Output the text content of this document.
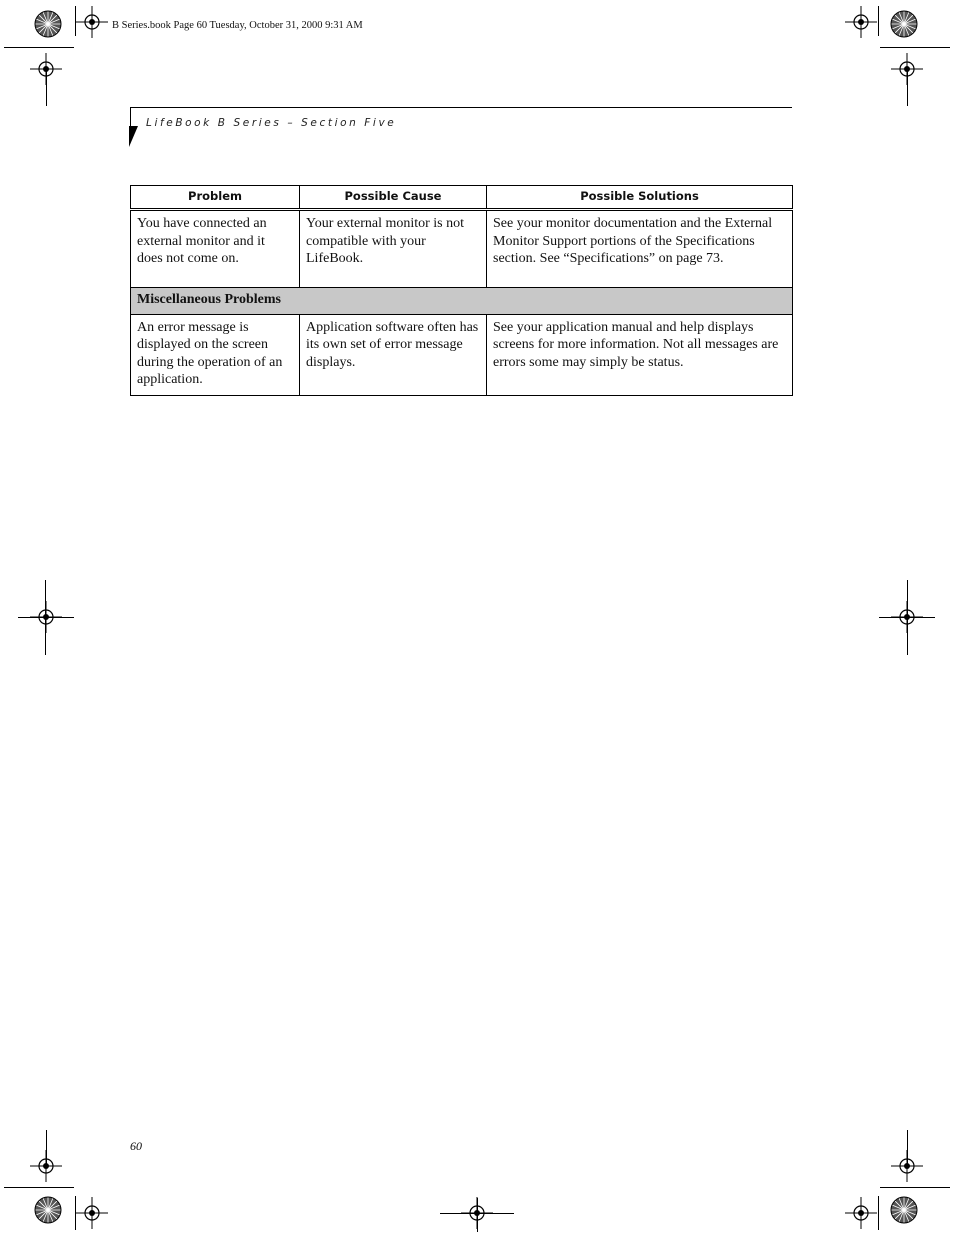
B Series.book Page 60 Tuesday, October 31, 2000 9:31 AM
LifeBook B Series – Section Five
Problem	Possible Cause	Possible Solutions
You have connected an external monitor and it does not come on.	Your external monitor is not compatible with your LifeBook.	See your monitor documentation and the External Monitor Support portions of the Specifications section. See “Specifications” on page 73.
Miscellaneous Problems		
An error message is displayed on the screen during the operation of an application.	Application software often has its own set of error message displays.	See your application manual and help displays screens for more information. Not all messages are errors some may simply be status.
60
